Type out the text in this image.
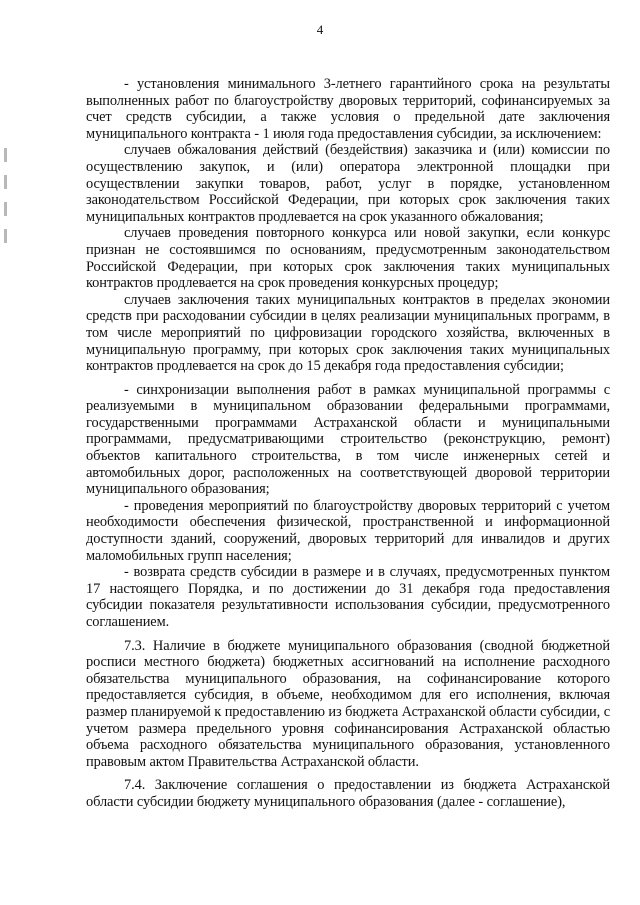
4

- установления минимального 3-летнего гарантийного срока на результаты выполненных работ по благоустройству дворовых территорий, софинансируемых за счет средств субсидии, а также условия о предельной дате заключения муниципального контракта - 1 июля года предоставления субсидии, за исключением:

случаев обжалования действий (бездействия) заказчика и (или) комиссии по осуществлению закупок, и (или) оператора электронной площадки при осуществлении закупки товаров, работ, услуг в порядке, установленном законодательством Российской Федерации, при которых срок заключения таких муниципальных контрактов продлевается на срок указанного обжалования;

случаев проведения повторного конкурса или новой закупки, если конкурс признан не состоявшимся по основаниям, предусмотренным законодательством Российской Федерации, при которых срок заключения таких муниципальных контрактов продлевается на срок проведения конкурсных процедур;

случаев заключения таких муниципальных контрактов в пределах экономии средств при расходовании субсидии в целях реализации муниципальных программ, в том числе мероприятий по цифровизации городского хозяйства, включенных в муниципальную программу, при которых срок заключения таких муниципальных контрактов продлевается на срок до 15 декабря года предоставления субсидии;

- синхронизации выполнения работ в рамках муниципальной программы с реализуемыми в муниципальном образовании федеральными программами, государственными программами Астраханской области и муниципальными программами, предусматривающими строительство (реконструкцию, ремонт) объектов капитального строительства, в том числе инженерных сетей и автомобильных дорог, расположенных на соответствующей дворовой территории муниципального образования;

- проведения мероприятий по благоустройству дворовых территорий с учетом необходимости обеспечения физической, пространственной и информационной доступности зданий, сооружений, дворовых территорий для инвалидов и других маломобильных групп населения;

- возврата средств субсидии в размере и в случаях, предусмотренных пунктом 17 настоящего Порядка, и по достижении до 31 декабря года предоставления субсидии показателя результативности использования субсидии, предусмотренного соглашением.

7.3. Наличие в бюджете муниципального образования (сводной бюджетной росписи местного бюджета) бюджетных ассигнований на исполнение расходного обязательства муниципального образования, на софинансирование которого предоставляется субсидия, в объеме, необходимом для его исполнения, включая размер планируемой к предоставлению из бюджета Астраханской области субсидии, с учетом размера предельного уровня софинансирования Астраханской областью объема расходного обязательства муниципального образования, установленного правовым актом Правительства Астраханской области.

7.4. Заключение соглашения о предоставлении из бюджета Астраханской области субсидии бюджету муниципального образования (далее - соглашение),
